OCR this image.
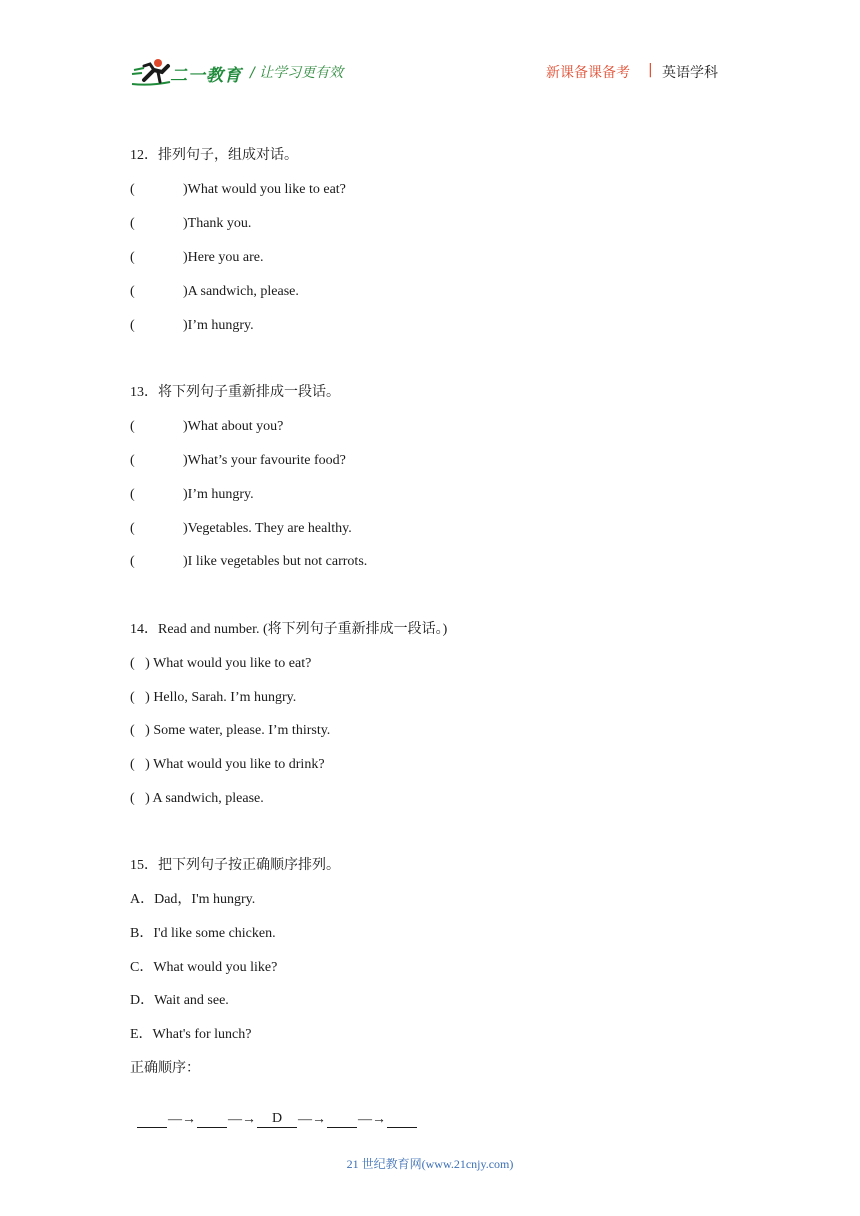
二一教育 / 让学习更有效	新课备课备考 | 英语学科
12．排列句子，组成对话。
(	)What would you like to eat?
(	)Thank you.
(	)Here you are.
(	)A sandwich, please.
(	)I’m hungry.
13．将下列句子重新排成一段话。
(	)What about you?
(	)What’s your favourite food?
(	)I’m hungry.
(	)Vegetables. They are healthy.
(	)I like vegetables but not carrots.
14．Read and number. (将下列句子重新排成一段话。)
(   ) What would you like to eat?
(   ) Hello, Sarah. I’m hungry.
(   ) Some water, please. I’m thirsty.
(   ) What would you like to drink?
(   ) A sandwich, please.
15．把下列句子按正确顺序排列。
A．Dad，I'm hungry.
B．I'd like some chicken.
C．What would you like?
D．Wait and see.
E．What's for lunch?
正确顺序：

—→ —→ D —→ —→

21 世纪教育网(www.21cnjy.com)
